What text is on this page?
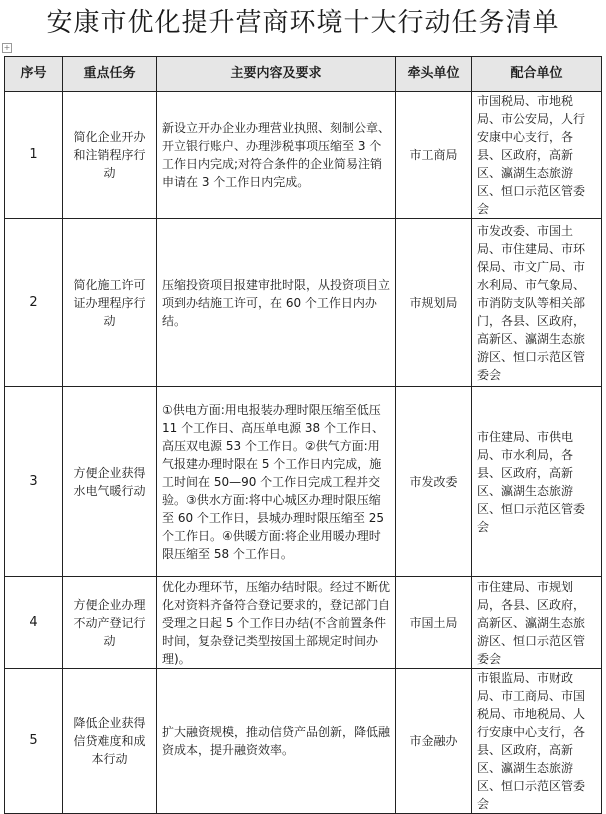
安康市优化提升营商环境十大行动任务清单
+
序号	重点任务	主要内容及要求	牵头单位	配合单位
1	简化企业开办和注销程序行动	新设立开办企业办理营业执照、刻制公章、开立银行账户、办理涉税事项压缩至 3 个工作日内完成;对符合条件的企业简易注销申请在 3 个工作日内完成。	市工商局	市国税局、市地税局、市公安局，人行安康中心支行，各县、区政府，高新区、瀛湖生态旅游区、恒口示范区管委会
2	简化施工许可证办理程序行动	压缩投资项目报建审批时限，从投资项目立项到办结施工许可，在 60 个工作日内办结。	市规划局	市发改委、市国土局、市住建局、市环保局、市文广局、市水利局、市气象局、市消防支队等相关部门，各县、区政府，高新区、瀛湖生态旅游区、恒口示范区管委会
3	方便企业获得水电气暖行动	①供电方面:用电报装办理时限压缩至低压 11 个工作日、高压单电源 38 个工作日、高压双电源 53 个工作日。②供气方面:用气报建办理时限在 5 个工作日内完成，施工时间在 50—90 个工作日完成工程并交验。③供水方面:将中心城区办理时限压缩至 60 个工作日，县城办理时限压缩至 25 个工作日。④供暖方面:将企业用暖办理时限压缩至 58 个工作日。	市发改委	市住建局、市供电局、市水利局，各县、区政府，高新区、瀛湖生态旅游区、恒口示范区管委会
4	方便企业办理不动产登记行动	优化办理环节，压缩办结时限。经过不断优化对资料齐备符合登记要求的，登记部门自受理之日起 5 个工作日办结(不含前置条件时间，复杂登记类型按国土部规定时间办理)。	市国土局	市住建局、市规划局，各县、区政府，高新区、瀛湖生态旅游区、恒口示范区管委会
5	降低企业获得信贷难度和成本行动	扩大融资规模，推动信贷产品创新，降低融资成本，提升融资效率。	市金融办	市银监局、市财政局、市工商局、市国税局、市地税局、人行安康中心支行，各县、区政府，高新区、瀛湖生态旅游区、恒口示范区管委会
